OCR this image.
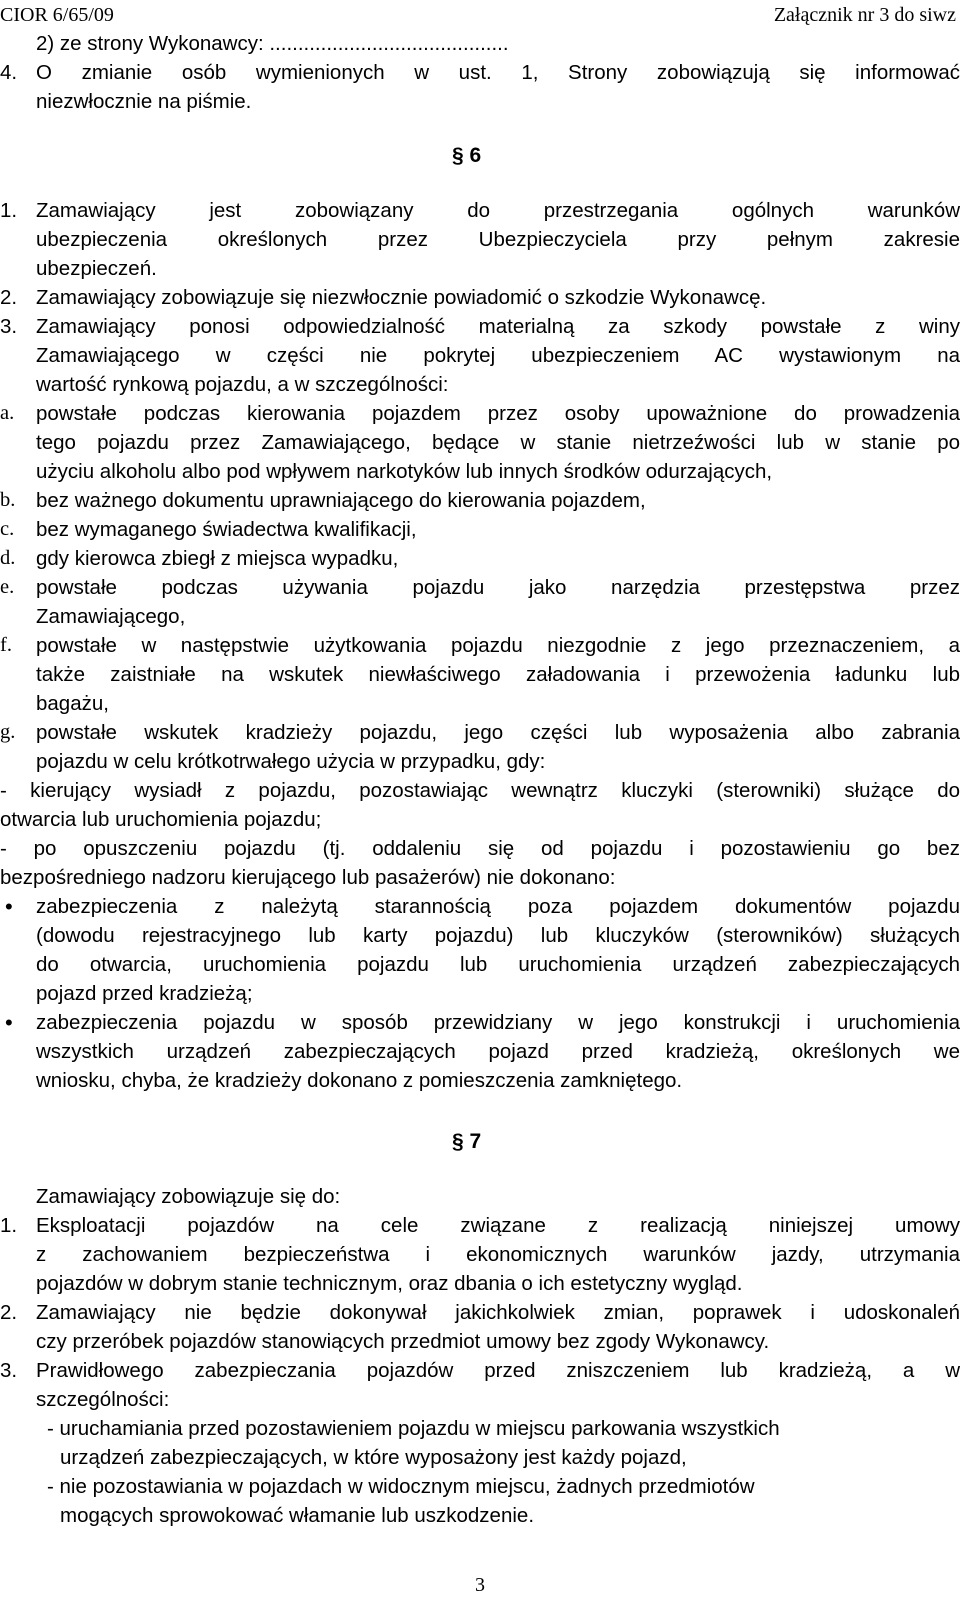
CIOR 6/65/09	Załącznik nr 3 do siwz
2) ze strony Wykonawcy: ..........................................
4. O zmianie osób wymienionych w ust. 1, Strony zobowiązują się informować
niezwłocznie na piśmie.
§ 6
1. Zamawiający jest zobowiązany do przestrzegania ogólnych warunków
ubezpieczenia określonych przez Ubezpieczyciela przy pełnym zakresie
ubezpieczeń.
2. Zamawiający zobowiązuje się niezwłocznie powiadomić o szkodzie Wykonawcę.
3. Zamawiający ponosi odpowiedzialność materialną za szkody powstałe z winy
Zamawiającego w części nie pokrytej ubezpieczeniem AC wystawionym na
wartość rynkową pojazdu, a w szczególności:
a. powstałe podczas kierowania pojazdem przez osoby upoważnione do prowadzenia
tego pojazdu przez Zamawiającego, będące w stanie nietrzeźwości lub w stanie po
użyciu alkoholu albo pod wpływem narkotyków lub innych środków odurzających,
b. bez ważnego dokumentu uprawniającego do kierowania pojazdem,
c. bez wymaganego świadectwa kwalifikacji,
d. gdy kierowca zbiegł z miejsca wypadku,
e. powstałe podczas używania pojazdu jako narzędzia przestępstwa przez
Zamawiającego,
f. powstałe w następstwie użytkowania pojazdu niezgodnie z jego przeznaczeniem, a
także zaistniałe na wskutek niewłaściwego załadowania i przewożenia ładunku lub
bagażu,
g. powstałe wskutek kradzieży pojazdu, jego części lub wyposażenia albo zabrania
pojazdu w celu krótkotrwałego użycia w przypadku, gdy:
- kierujący wysiadł z pojazdu, pozostawiając wewnątrz kluczyki (sterowniki) służące do
otwarcia lub uruchomienia pojazdu;
- po opuszczeniu pojazdu (tj. oddaleniu się od pojazdu i pozostawieniu go bez
bezpośredniego nadzoru kierującego lub pasażerów) nie dokonano:
• zabezpieczenia z należytą starannością poza pojazdem dokumentów pojazdu
(dowodu rejestracyjnego lub karty pojazdu) lub kluczyków (sterowników) służących
do otwarcia, uruchomienia pojazdu lub uruchomienia urządzeń zabezpieczających
pojazd przed kradzieżą;
• zabezpieczenia pojazdu w sposób przewidziany w jego konstrukcji i uruchomienia
wszystkich urządzeń zabezpieczających pojazd przed kradzieżą, określonych we
wniosku, chyba, że kradzieży dokonano z pomieszczenia zamkniętego.
§ 7
Zamawiający zobowiązuje się do:
1. Eksploatacji pojazdów na cele związane z realizacją niniejszej umowy
z zachowaniem bezpieczeństwa i ekonomicznych warunków jazdy, utrzymania
pojazdów w dobrym stanie technicznym, oraz dbania o ich estetyczny wygląd.
2. Zamawiający nie będzie dokonywał jakichkolwiek zmian, poprawek i udoskonaleń
czy przeróbek pojazdów stanowiących przedmiot umowy bez zgody Wykonawcy.
3. Prawidłowego zabezpieczania pojazdów przed zniszczeniem lub kradzieżą, a w
szczególności:
- uruchamiania przed pozostawieniem pojazdu w miejscu parkowania wszystkich
urządzeń zabezpieczających, w które wyposażony jest każdy pojazd,
- nie pozostawiania w pojazdach w widocznym miejscu, żadnych przedmiotów
mogących sprowokować włamanie lub uszkodzenie.
3
